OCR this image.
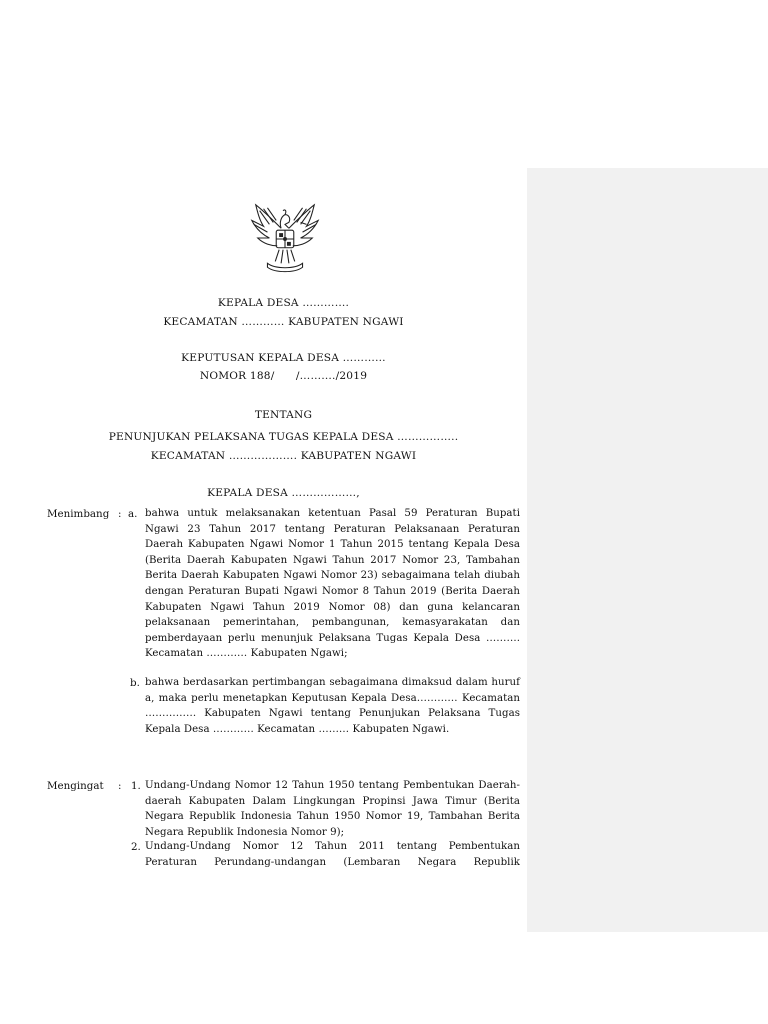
KEPALA DESA ………….
KECAMATAN ………… KABUPATEN NGAWI
KEPUTUSAN KEPALA DESA …………
NOMOR 188/      /………./2019
TENTANG
PENUNJUKAN PELAKSANA TUGAS KEPALA DESA ……………..
KECAMATAN ………………. KABUPATEN NGAWI
KEPALA DESA ………………,
Menimbang : a. bahwa untuk melaksanakan ketentuan Pasal 59 Peraturan Bupati Ngawi 23 Tahun 2017 tentang Peraturan Pelaksanaan Peraturan Daerah Kabupaten Ngawi Nomor 1 Tahun 2015 tentang Kepala Desa (Berita Daerah Kabupaten Ngawi Tahun 2017 Nomor 23, Tambahan Berita Daerah Kabupaten Ngawi Nomor 23) sebagaimana telah diubah dengan Peraturan Bupati Ngawi Nomor 8 Tahun 2019 (Berita Daerah Kabupaten Ngawi Tahun 2019 Nomor 08) dan guna kelancaran pelaksanaan pemerintahan, pembangunan, kemasyarakatan dan pemberdayaan perlu menunjuk Pelaksana Tugas Kepala Desa ………. Kecamatan ………… Kabupaten Ngawi;
b. bahwa berdasarkan pertimbangan sebagaimana dimaksud dalam huruf a, maka perlu menetapkan Keputusan Kepala Desa………… Kecamatan …………… Kabupaten Ngawi tentang Penunjukan Pelaksana Tugas Kepala Desa ………… Kecamatan ……… Kabupaten Ngawi.
Mengingat : 1. Undang-Undang Nomor 12 Tahun 1950 tentang Pembentukan Daerah-daerah Kabupaten Dalam Lingkungan Propinsi Jawa Timur (Berita Negara Republik Indonesia Tahun 1950 Nomor 19, Tambahan Berita Negara Republik Indonesia Nomor 9);
2. Undang-Undang Nomor 12 Tahun 2011 tentang Pembentukan Peraturan Perundang-undangan (Lembaran Negara Republik
